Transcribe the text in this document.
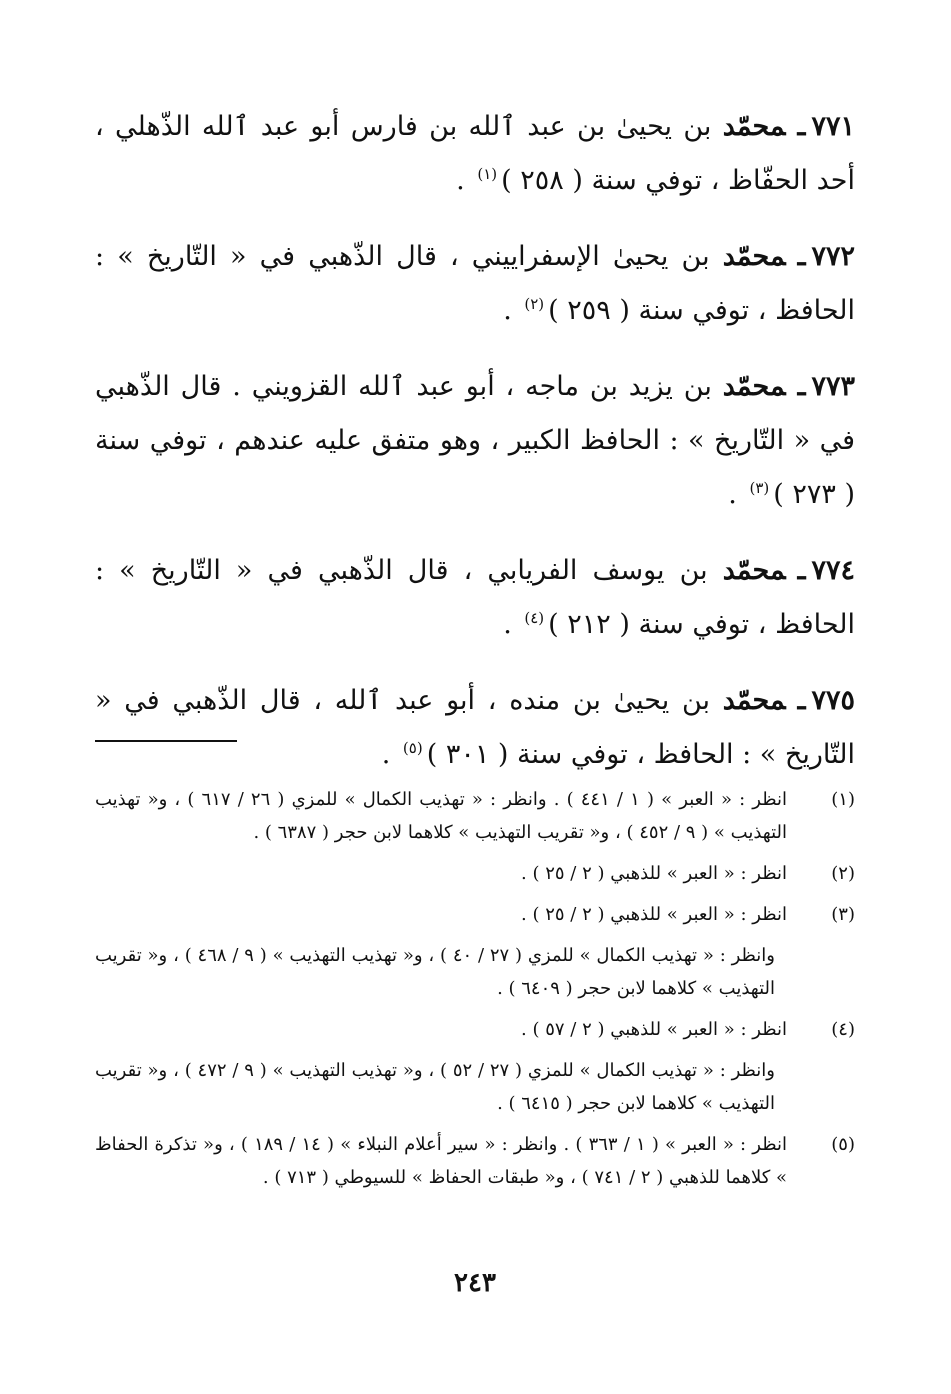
٧٧١ـمحمّد بن يحيىٰ بن عبد ٱلله بن فارس أبو عبد ٱلله الذّهلي ، أحد الحفّاظ ، توفي سنة ( ٢٥٨ )$^{(١)}$ .

٧٧٢ـمحمّد بن يحيىٰ الإسفراييني ، قال الذّهبي في « التّاريخ » : الحافظ ، توفي سنة ( ٢٥٩ )$^{(٢)}$ .

٧٧٣ـمحمّد بن يزيد بن ماجه ، أبو عبد ٱلله القزويني . قال الذّهبي في « التّاريخ » : الحافظ الكبير ، وهو متفق عليه عندهم ، توفي سنة ( ٢٧٣ )$^{(٣)}$ .

٧٧٤ـمحمّد بن يوسف الفريابي ، قال الذّهبي في « التّاريخ » : الحافظ ، توفي سنة ( ٢١٢ )$^{(٤)}$ .

٧٧٥ـمحمّد بن يحيىٰ بن منده ، أبو عبد ٱلله ، قال الذّهبي في « التّاريخ » : الحافظ ، توفي سنة ( ٣٠١ )$^{(٥)}$ .

(١)
انظر : « العبر » ( ١ / ٤٤١ ) . وانظر : « تهذيب الكمال » للمزي ( ٢٦ / ٦١٧ ) ، و« تهذيب التهذيب » ( ٩ / ٤٥٢ ) ، و« تقريب التهذيب » كلاهما لابن حجر ( ٦٣٨٧ ) .
(٢)
انظر : « العبر » للذهبي ( ٢ / ٢٥ ) .
(٣)
انظر : « العبر » للذهبي ( ٢ / ٢٥ ) .
وانظر : « تهذيب الكمال » للمزي ( ٢٧ / ٤٠ ) ، و« تهذيب التهذيب » ( ٩ / ٤٦٨ ) ، و« تقريب التهذيب » كلاهما لابن حجر ( ٦٤٠٩ ) .
(٤)
انظر : « العبر » للذهبي ( ٢ / ٥٧ ) .
وانظر : « تهذيب الكمال » للمزي ( ٢٧ / ٥٢ ) ، و« تهذيب التهذيب » ( ٩ / ٤٧٢ ) ، و« تقريب التهذيب » كلاهما لابن حجر ( ٦٤١٥ ) .
(٥)
انظر : « العبر » ( ١ / ٣٦٣ ) . وانظر : « سير أعلام النبلاء » ( ١٤ / ١٨٩ ) ، و« تذكرة الحفاظ » كلاهما للذهبي ( ٢ / ٧٤١ ) ، و« طبقات الحفاظ » للسيوطي ( ٧١٣ ) .
٢٤٣
